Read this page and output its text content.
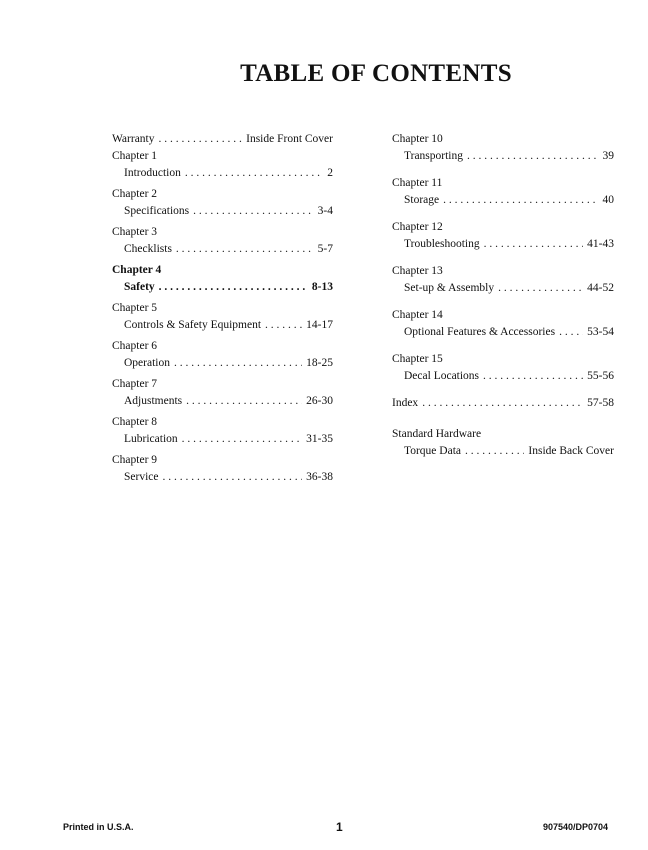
TABLE OF CONTENTS
Warranty . . .	Inside Front Cover
Chapter 1
Introduction . . .	2
Chapter 2
Specifications . . .	3-4
Chapter 3
Checklists . . .	5-7
Chapter 4
Safety . . .	8-13
Chapter 5
Controls & Safety Equipment . . .	14-17
Chapter 6
Operation . . .	18-25
Chapter 7
Adjustments . . .	26-30
Chapter 8
Lubrication . . .	31-35
Chapter 9
Service . . .	36-38
Chapter 10
Transporting . . .	39
Chapter 11
Storage . . .	40
Chapter 12
Troubleshooting . . .	41-43
Chapter 13
Set-up & Assembly . . .	44-52
Chapter 14
Optional Features & Accessories . . .	53-54
Chapter 15
Decal Locations . . .	55-56
Index . . .	57-58
Standard Hardware
Torque Data . . .	Inside Back Cover
Printed in U.S.A.	1	907540/DP0704
